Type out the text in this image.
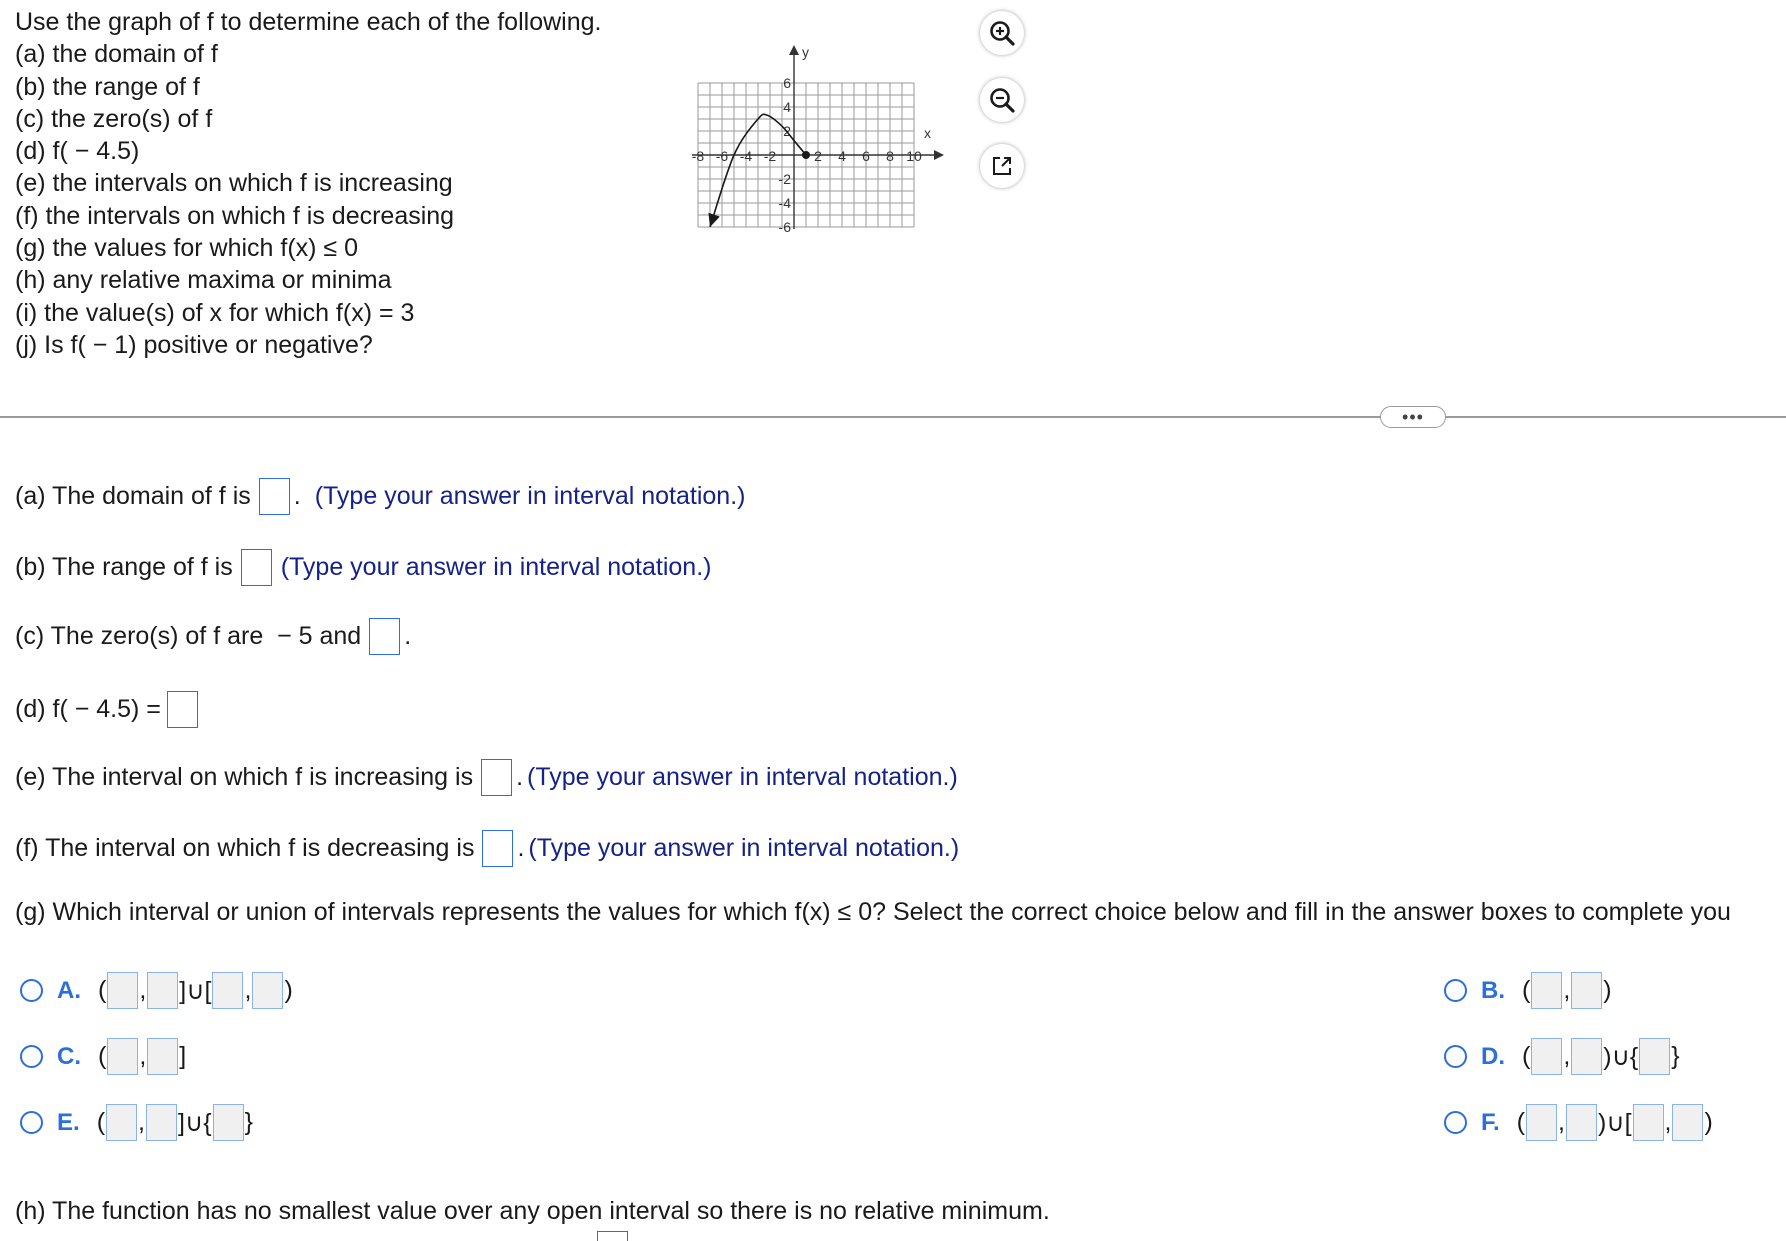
Use the graph of f to determine each of the following.
(a) the domain of f
(b) the range of f
(c) the zero(s) of f
(d) f( − 4.5)
(e) the intervals on which f is increasing
(f) the intervals on which f is decreasing
(g) the values for which f(x) ≤ 0
(h) any relative maxima or minima
(i) the value(s) of x for which f(x) = 3
(j) Is f( − 1) positive or negative?
-8 -6 -4 -2	2 4 6 8 10
6
4
2
-2
-4
-6
x
y
•••
(a) The domain of f is . (Type your answer in interval notation.)
(b) The range of f is (Type your answer in interval notation.)
(c) The zero(s) of f are  − 5 and .
(d) f( − 4.5) =
(e) The interval on which f is increasing is . (Type your answer in interval notation.)
(f) The interval on which f is decreasing is . (Type your answer in interval notation.)
(g) Which interval or union of intervals represents the values for which f(x) ≤ 0? Select the correct choice below and fill in the answer boxes to complete you
A. ( , ]∪[ , )	B. ( , )
C. ( , ]	D. ( , )∪{ }
E. ( , ]∪{ }	F. ( , )∪[ , )
(h) The function has no smallest value over any open interval so there is no relative minimum.
